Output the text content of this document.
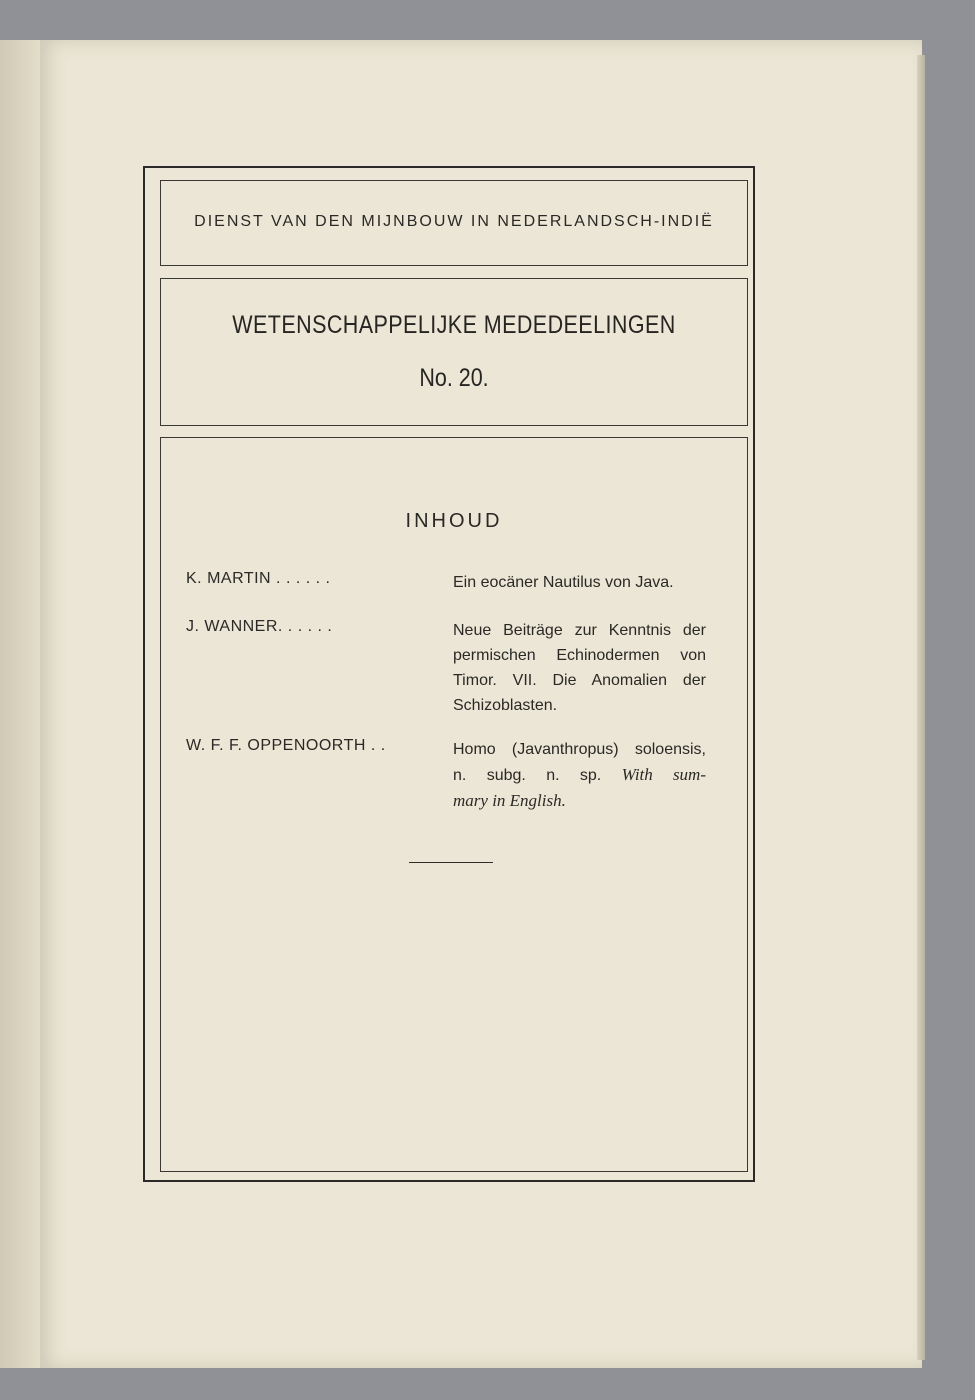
DIENST VAN DEN MIJNBOUW IN NEDERLANDSCH-INDIË
WETENSCHAPPELIJKE MEDEDEELINGEN
No. 20.
INHOUD
K. MARTIN . . . . . .	Ein eocäner Nautilus von Java.
J. WANNER. . . . . .	Neue Beiträge zur Kenntnis der
permischen Echinodermen von
Timor. VII. Die Anomalien der
Schizoblasten.
W. F. F. OPPENOORTH . .	Homo (Javanthropus) soloensis,
n. subg. n. sp. With sum-
mary in English.
